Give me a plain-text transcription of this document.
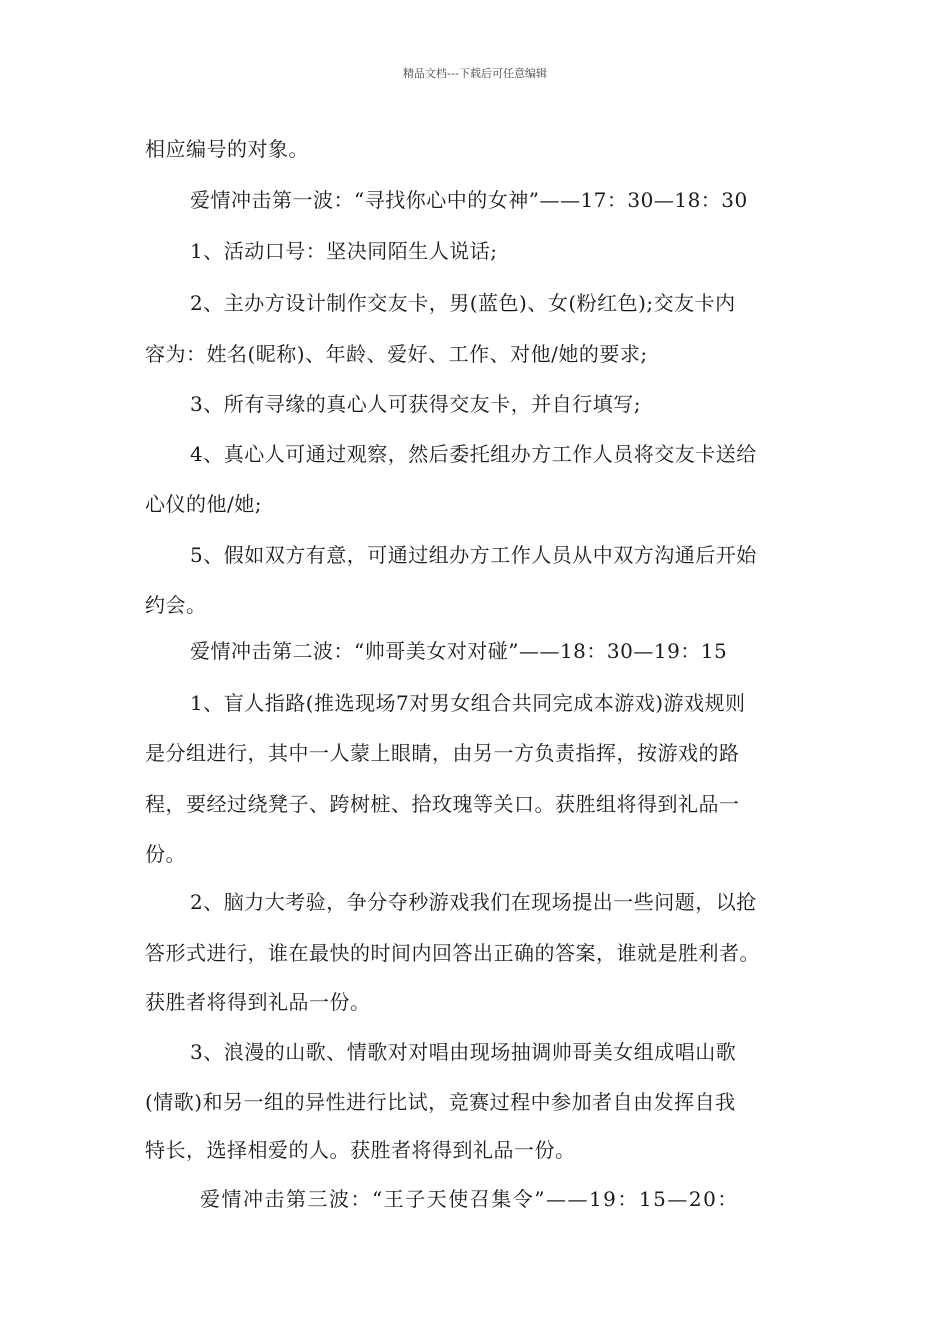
精品文档---下载后可任意编辑
相应编号的对象。
爱情冲击第一波：“寻找你心中的女神”——17：30—18：30
1、活动口号：坚决同陌生人说话;
2、主办方设计制作交友卡，男(蓝色)、女(粉红色);交友卡内
容为：姓名(昵称)、年龄、爱好、工作、对他/她的要求;
3、所有寻缘的真心人可获得交友卡，并自行填写;
4、真心人可通过观察，然后委托组办方工作人员将交友卡送给
心仪的他/她;
5、假如双方有意，可通过组办方工作人员从中双方沟通后开始
约会。
爱情冲击第二波：“帅哥美女对对碰”——18：30—19：15
1、盲人指路(推选现场7对男女组合共同完成本游戏)游戏规则
是分组进行，其中一人蒙上眼睛，由另一方负责指挥，按游戏的路
程，要经过绕凳子、跨树桩、拾玫瑰等关口。获胜组将得到礼品一
份。
2、脑力大考验，争分夺秒游戏我们在现场提出一些问题，以抢
答形式进行，谁在最快的时间内回答出正确的答案，谁就是胜利者。
获胜者将得到礼品一份。
3、浪漫的山歌、情歌对对唱由现场抽调帅哥美女组成唱山歌
(情歌)和另一组的异性进行比试，竞赛过程中参加者自由发挥自我
特长，选择相爱的人。获胜者将得到礼品一份。
爱情冲击第三波：“王子天使召集令”——19：15—20：
